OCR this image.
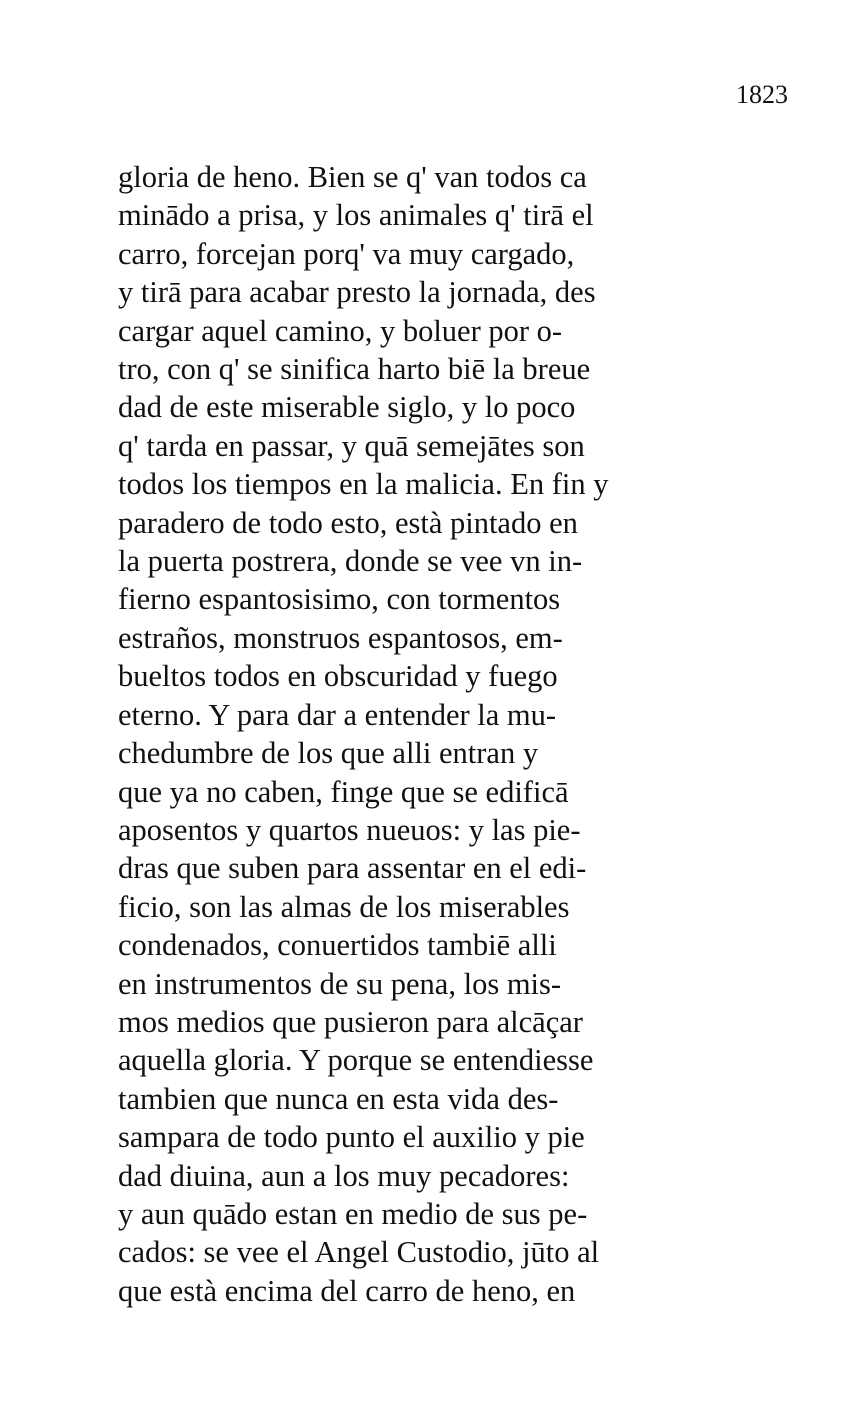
1823
gloria de heno. Bien se q' van todos ca
minādo a prisa, y los animales q' tirā el
carro, forcejan porq' va muy cargado,
y tirā para acabar presto la jornada, des
cargar aquel camino, y boluer por o-
tro, con q' se sinifica harto biē la breue
dad de este miserable siglo, y lo poco
q' tarda en passar, y quā semejātes son
todos los tiempos en la malicia. En fin y
paradero de todo esto, està pintado en
la puerta postrera, donde se vee vn in-
fierno espantosisimo, con tormentos
estraños, monstruos espantosos, em-
bueltos todos en obscuridad y fuego
eterno. Y para dar a entender la mu-
chedumbre de los que alli entran y
que ya no caben, finge que se edificā
aposentos y quartos nueuos: y las pie-
dras que suben para assentar en el edi-
ficio, son las almas de los miserables
condenados, conuertidos tambiē alli
en instrumentos de su pena, los mis-
mos medios que pusieron para alcāçar
aquella gloria. Y porque se entendiesse
tambien que nunca en esta vida des-
sampara de todo punto el auxilio y pie
dad diuina, aun a los muy pecadores:
y aun quādo estan en medio de sus pe-
cados: se vee el Angel Custodio, jūto al
que està encima del carro de heno, en
